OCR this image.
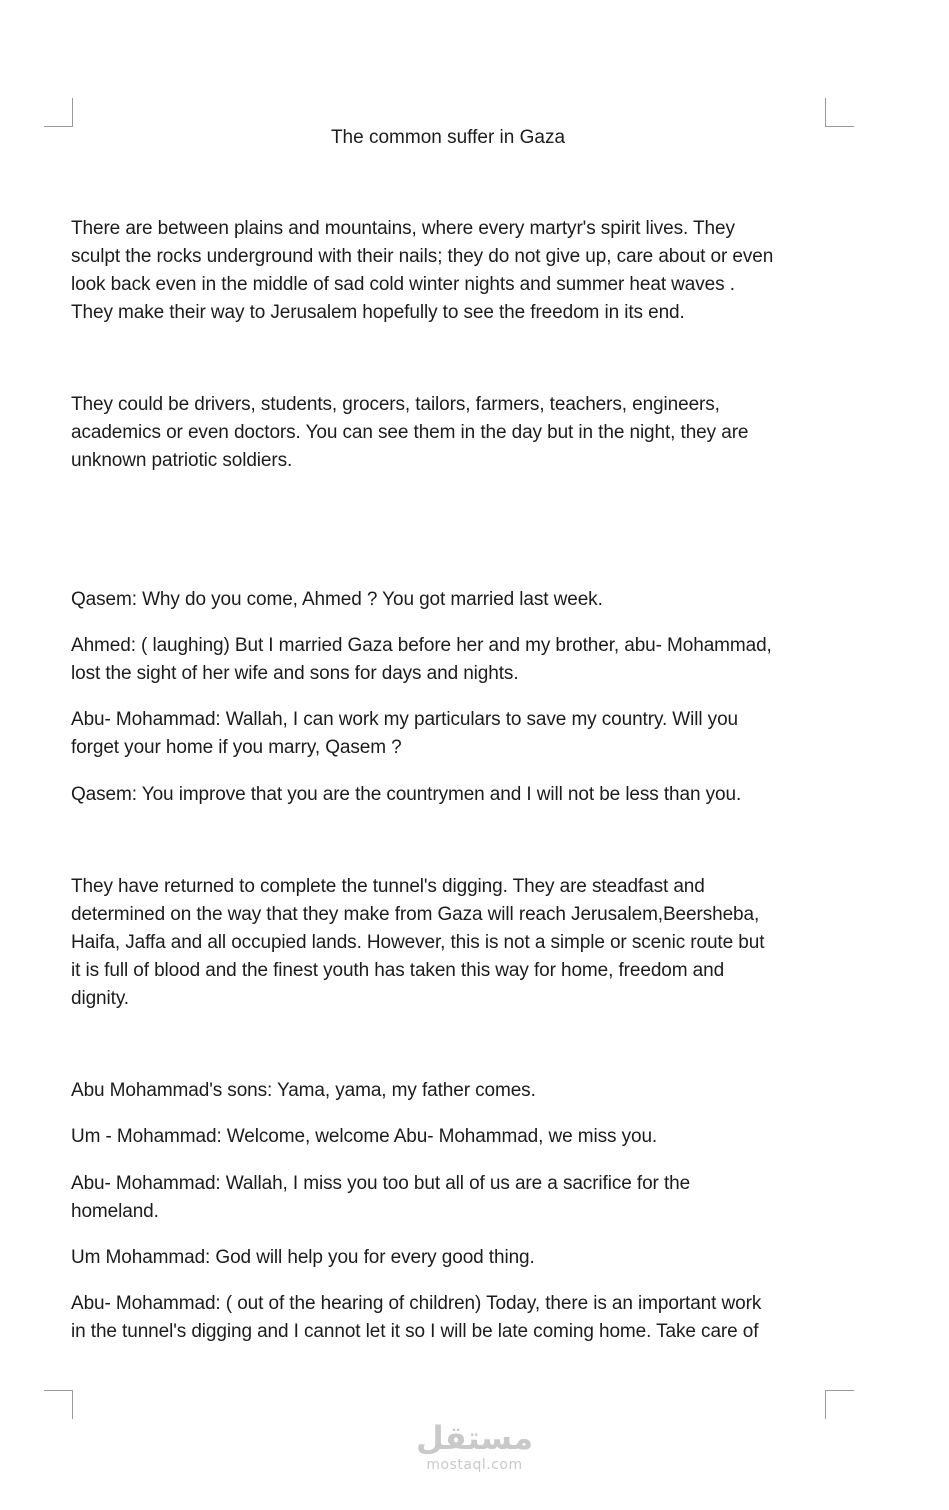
The common suffer in Gaza

There are between plains and mountains, where every martyr's spirit lives. They
sculpt the rocks underground with their nails; they do not give up, care about or even
look back even in the middle of sad cold winter nights and summer heat waves .
They make their way to Jerusalem hopefully to see the freedom in its end.

They could be drivers, students, grocers, tailors, farmers, teachers, engineers,
academics or even doctors. You can see them in the day but in the night, they are
unknown patriotic soldiers.

Qasem: Why do you come, Ahmed ? You got married last week.

Ahmed: ( laughing) But I married Gaza before her and my brother, abu- Mohammad,
lost the sight of her wife and sons for days and nights.

Abu- Mohammad: Wallah, I can work my particulars to save my country. Will you
forget your home if you marry, Qasem ?

Qasem: You improve that you are the countrymen and I will not be less than you.

They have returned to complete the tunnel's digging. They are steadfast and
determined on the way that they make from Gaza will reach Jerusalem,Beersheba,
Haifa, Jaffa and all occupied lands. However, this is not a simple or scenic route but
it is full of blood and the finest youth has taken this way for home, freedom and
dignity.

Abu Mohammad's sons: Yama, yama, my father comes.

Um - Mohammad: Welcome, welcome Abu- Mohammad, we miss you.

Abu- Mohammad: Wallah, I miss you too but all of us are a sacrifice for the
homeland.

Um Mohammad: God will help you for every good thing.

Abu- Mohammad: ( out of the hearing of children) Today, there is an important work
in the tunnel's digging and I cannot let it so I will be late coming home. Take care of

مستقل
mostaql.com
